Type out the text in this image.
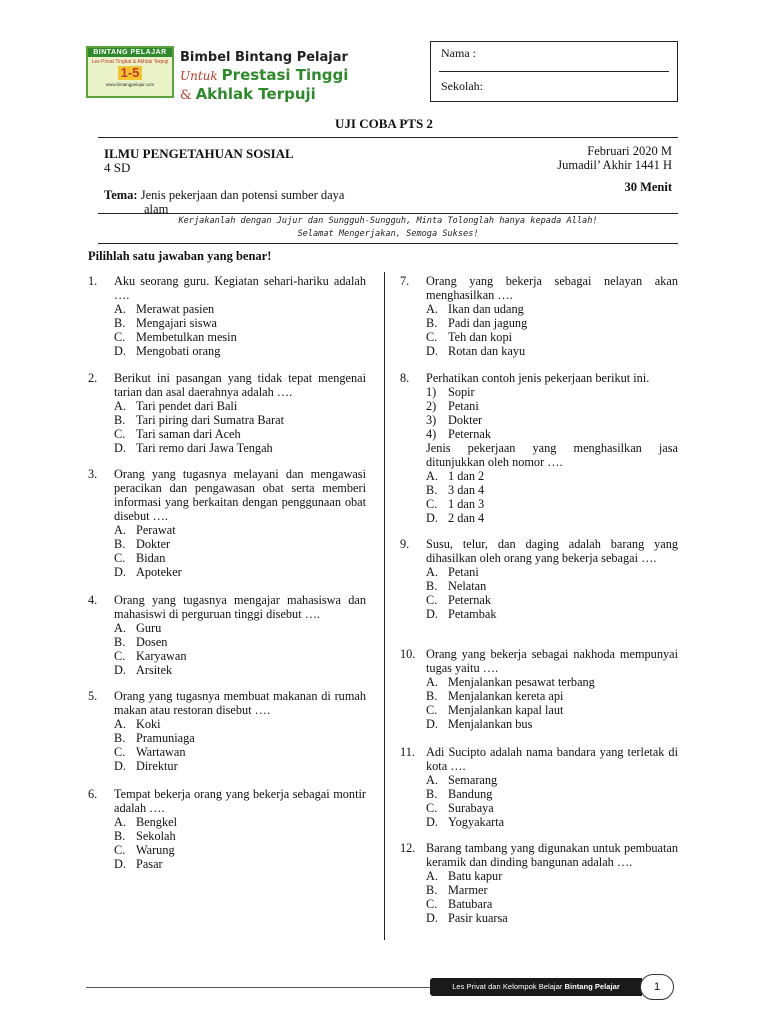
BINTANG PELAJAR
Les Privat Tingkat & Akhlak Terpuji
1-5
www.bintangpelajar.com
Bimbel Bintang Pelajar
Untuk Prestasi Tinggi
& Akhlak Terpuji
Nama :
Sekolah:
UJI COBA PTS 2
ILMU PENGETAHUAN SOSIAL
4 SD
Februari 2020 M
Jumadil’ Akhir 1441 H
30 Menit
Tema: Jenis pekerjaan dan potensi sumber daya
alam
Kerjakanlah dengan Jujur dan Sungguh-Sungguh, Minta Tolonglah hanya kepada Allah!
Selamat Mengerjakan, Semoga Sukses!
Pilihlah satu jawaban yang benar!
1. Aku seorang guru. Kegiatan sehari-hariku adalah ….
A. Merawat pasien
B. Mengajari siswa
C. Membetulkan mesin
D. Mengobati orang
2. Berikut ini pasangan yang tidak tepat mengenai tarian dan asal daerahnya adalah ….
A. Tari pendet dari Bali
B. Tari piring dari Sumatra Barat
C. Tari saman dari Aceh
D. Tari remo dari Jawa Tengah
3. Orang yang tugasnya melayani dan mengawasi peracikan dan pengawasan obat serta memberi informasi yang berkaitan dengan penggunaan obat disebut ….
A. Perawat
B. Dokter
C. Bidan
D. Apoteker
4. Orang yang tugasnya mengajar mahasiswa dan mahasiswi di perguruan tinggi disebut ….
A. Guru
B. Dosen
C. Karyawan
D. Arsitek
5. Orang yang tugasnya membuat makanan di rumah makan atau restoran disebut ….
A. Koki
B. Pramuniaga
C. Wartawan
D. Direktur
6. Tempat bekerja orang yang bekerja sebagai montir adalah ….
A. Bengkel
B. Sekolah
C. Warung
D. Pasar
7. Orang yang bekerja sebagai nelayan akan menghasilkan ….
A. Ikan dan udang
B. Padi dan jagung
C. Teh dan kopi
D. Rotan dan kayu
8. Perhatikan contoh jenis pekerjaan berikut ini.
1) Sopir
2) Petani
3) Dokter
4) Peternak
Jenis pekerjaan yang menghasilkan jasa ditunjukkan oleh nomor ….
A. 1 dan 2
B. 3 dan 4
C. 1 dan 3
D. 2 dan 4
9. Susu, telur, dan daging adalah barang yang dihasilkan oleh orang yang bekerja sebagai ….
A. Petani
B. Nelatan
C. Peternak
D. Petambak
10. Orang yang bekerja sebagai nakhoda mempunyai tugas yaitu ….
A. Menjalankan pesawat terbang
B. Menjalankan kereta api
C. Menjalankan kapal laut
D. Menjalankan bus
11. Adi Sucipto adalah nama bandara yang terletak di kota ….
A. Semarang
B. Bandung
C. Surabaya
D. Yogyakarta
12. Barang tambang yang digunakan untuk pembuatan keramik dan dinding bangunan adalah ….
A. Batu kapur
B. Marmer
C. Batubara
D. Pasir kuarsa
Les Privat dan Kelompok Belajar Bintang Pelajar	1
